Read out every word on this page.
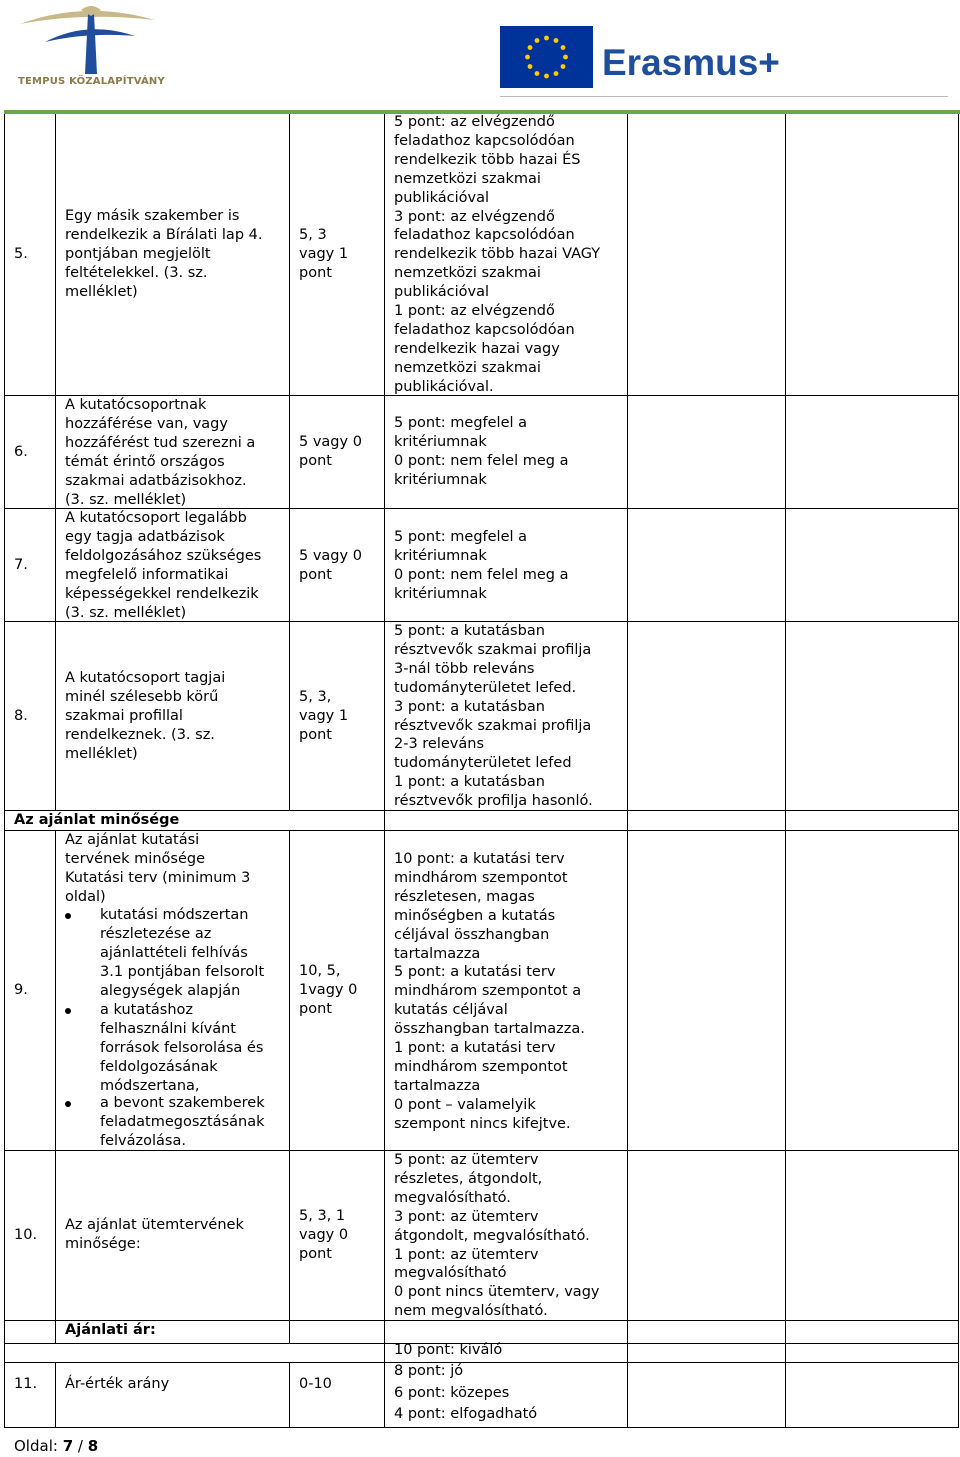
TEMPUS KÖZALAPÍTVÁNY	Erasmus+
5.
Egy másik szakember is
rendelkezik a Bírálati lap 4.
pontjában megjelölt
feltételekkel. (3. sz.
melléklet)
5, 3
vagy 1
pont
5 pont: az elvégzendő
feladathoz kapcsolódóan
rendelkezik több hazai ÉS
nemzetközi szakmai
publikációval
3 pont: az elvégzendő
feladathoz kapcsolódóan
rendelkezik több hazai VAGY
nemzetközi szakmai
publikációval
1 pont: az elvégzendő
feladathoz kapcsolódóan
rendelkezik hazai vagy
nemzetközi szakmai
publikációval.
6.
A kutatócsoportnak
hozzáférése van, vagy
hozzáférést tud szerezni a
témát érintő országos
szakmai adatbázisokhoz.
(3. sz. melléklet)
5 vagy 0
pont
5 pont: megfelel a
kritériumnak
0 pont: nem felel meg a
kritériumnak
7.
A kutatócsoport legalább
egy tagja adatbázisok
feldolgozásához szükséges
megfelelő informatikai
képességekkel rendelkezik
(3. sz. melléklet)
5 vagy 0
pont
5 pont: megfelel a
kritériumnak
0 pont: nem felel meg a
kritériumnak
8.
A kutatócsoport tagjai
minél szélesebb körű
szakmai profillal
rendelkeznek. (3. sz.
melléklet)
5, 3,
vagy 1
pont
5 pont: a kutatásban
résztvevők szakmai profilja
3-nál több releváns
tudományterületet lefed.
3 pont: a kutatásban
résztvevők szakmai profilja
2-3 releváns
tudományterületet lefed
1 pont: a kutatásban
résztvevők profilja hasonló.
Az ajánlat minősége
9.
Az ajánlat kutatási
tervének minősége
Kutatási terv (minimum 3
oldal)
kutatási módszertan
részletezése az
ajánlattételi felhívás
3.1 pontjában felsorolt
alegységek alapján
a kutatáshoz
felhasználni kívánt
források felsorolása és
feldolgozásának
módszertana,
a bevont szakemberek
feladatmegosztásának
felvázolása.
10, 5,
1vagy 0
pont
10 pont: a kutatási terv
mindhárom szempontot
részletesen, magas
minőségben a kutatás
céljával összhangban
tartalmazza
5 pont: a kutatási terv
mindhárom szempontot a
kutatás céljával
összhangban tartalmazza.
1 pont: a kutatási terv
mindhárom szempontot
tartalmazza
0 pont – valamelyik
szempont nincs kifejtve.
10.
Az ajánlat ütemtervének
minősége:
5, 3, 1
vagy 0
pont
5 pont: az ütemterv
részletes, átgondolt,
megvalósítható.
3 pont: az ütemterv
átgondolt, megvalósítható.
1 pont: az ütemterv
megvalósítható
0 pont nincs ütemterv, vagy
nem megvalósítható.
Ajánlati ár:
11. Ár-érték arány	0-10
10 pont: kiváló
8 pont: jó
6 pont: közepes
4 pont: elfogadható
Oldal: 7 / 8
